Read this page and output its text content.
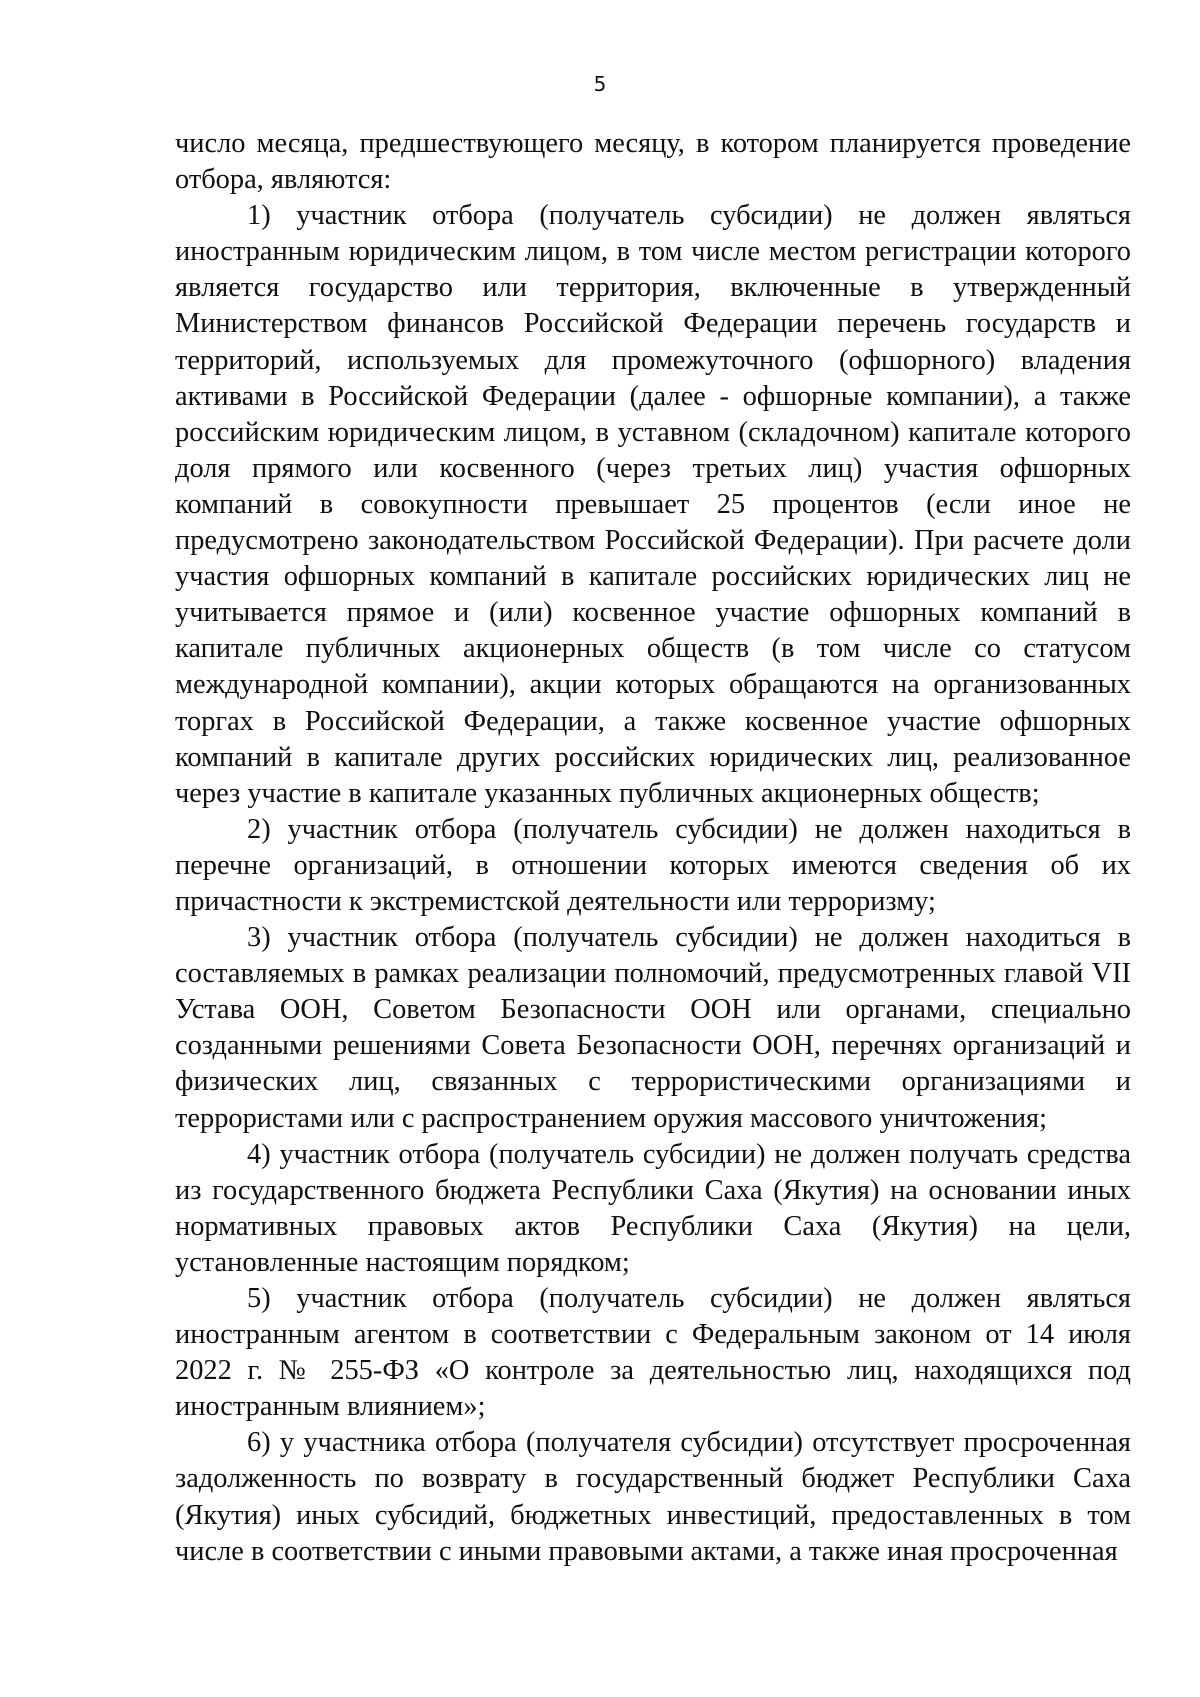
5

число месяца, предшествующего месяцу, в котором планируется проведение отбора, являются:

1) участник отбора (получатель субсидии) не должен являться иностранным юридическим лицом, в том числе местом регистрации которого является государство или территория, включенные в утвержденный Министерством финансов Российской Федерации перечень государств и территорий, используемых для промежуточного (офшорного) владения активами в Российской Федерации (далее - офшорные компании), а также российским юридическим лицом, в уставном (складочном) капитале которого доля прямого или косвенного (через третьих лиц) участия офшорных компаний в совокупности превышает 25 процентов (если иное не предусмотрено законодательством Российской Федерации). При расчете доли участия офшорных компаний в капитале российских юридических лиц не учитывается прямое и (или) косвенное участие офшорных компаний в капитале публичных акционерных обществ (в том числе со статусом международной компании), акции которых обращаются на организованных торгах в Российской Федерации, а также косвенное участие офшорных компаний в капитале других российских юридических лиц, реализованное через участие в капитале указанных публичных акционерных обществ;

2) участник отбора (получатель субсидии) не должен находиться в перечне организаций, в отношении которых имеются сведения об их причастности к экстремистской деятельности или терроризму;

3) участник отбора (получатель субсидии) не должен находиться в составляемых в рамках реализации полномочий, предусмотренных главой VII Устава ООН, Советом Безопасности ООН или органами, специально созданными решениями Совета Безопасности ООН, перечнях организаций и физических лиц, связанных с террористическими организациями и террористами или с распространением оружия массового уничтожения;

4) участник отбора (получатель субсидии) не должен получать средства из государственного бюджета Республики Саха (Якутия) на основании иных нормативных правовых актов Республики Саха (Якутия) на цели, установленные настоящим порядком;

5) участник отбора (получатель субсидии) не должен являться иностранным агентом в соответствии с Федеральным законом от 14 июля 2022 г. № 255-ФЗ «О контроле за деятельностью лиц, находящихся под иностранным влиянием»;

6) у участника отбора (получателя субсидии) отсутствует просроченная задолженность по возврату в государственный бюджет Республики Саха (Якутия) иных субсидий, бюджетных инвестиций, предоставленных в том числе в соответствии с иными правовыми актами, а также иная просроченная
